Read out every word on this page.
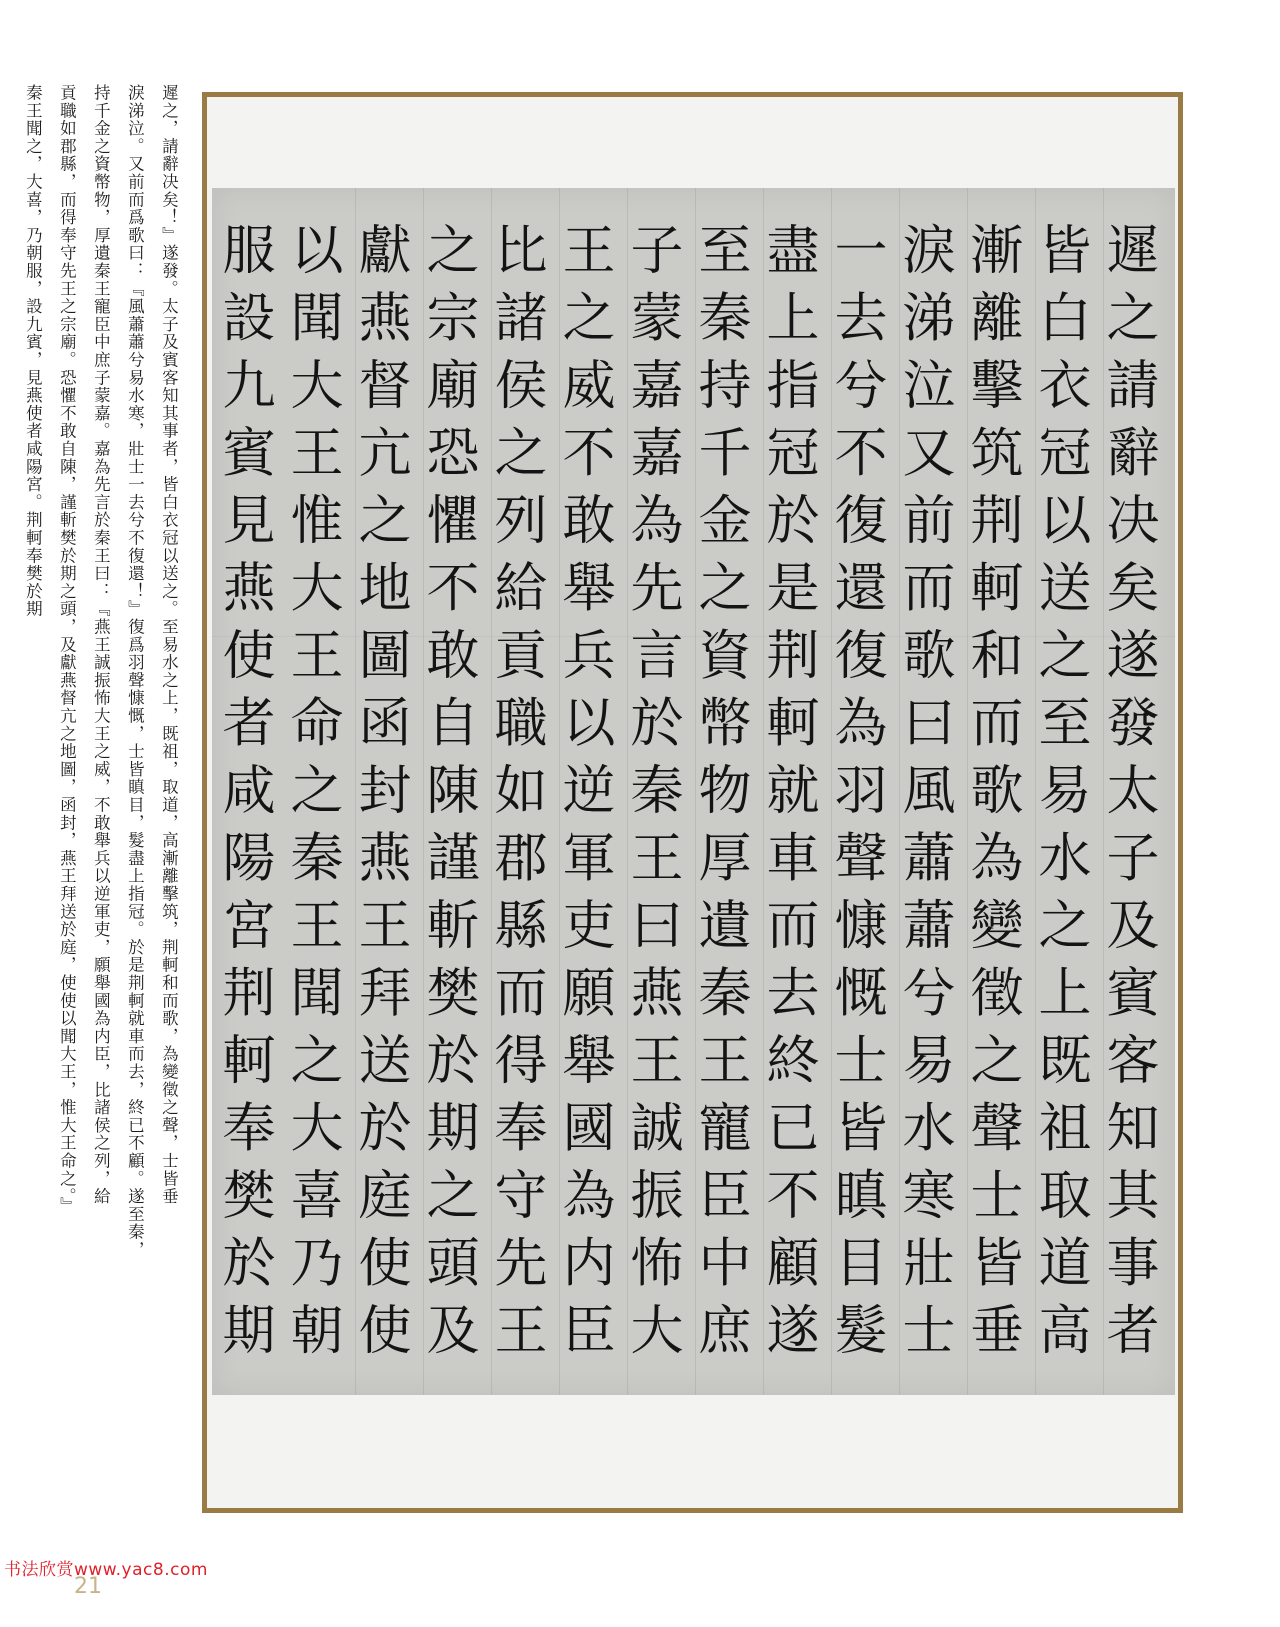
遲之，請辭决矣！』遂發。太子及賓客知其事者，皆白衣冠以送之。至易水之上，既祖，取道，高漸離擊筑，荆軻和而歌，為變徵之聲，士皆垂
淚涕泣。又前而爲歌曰：『風蕭蕭兮易水寒，壯士一去兮不復還！』復爲羽聲慷慨，士皆瞋目，髮盡上指冠。於是荆軻就車而去，終已不顧。遂至秦，
持千金之資幣物，厚遺秦王寵臣中庶子蒙嘉。嘉為先言於秦王曰：『燕王誠振怖大王之威，不敢舉兵以逆軍吏，願舉國為内臣，比諸侯之列，給
貢職如郡縣，而得奉守先王之宗廟。恐懼不敢自陳，謹斬樊於期之頭，及獻燕督亢之地圖，函封，燕王拜送於庭，使使以聞大王，惟大王命之。』
秦王聞之，大喜，乃朝服，設九賓，見燕使者咸陽宮。荆軻奉樊於期	遲之請辭决矣遂發太子及賓客知其事者
皆白衣冠以送之至易水之上既祖取道高
漸離擊筑荆軻和而歌為變徵之聲士皆垂
淚涕泣又前而歌曰風蕭蕭兮易水寒壯士
一去兮不復還復為羽聲慷慨士皆瞋目髮
盡上指冠於是荆軻就車而去終已不顧遂
至秦持千金之資幣物厚遺秦王寵臣中庶
子蒙嘉嘉為先言於秦王曰燕王誠振怖大
王之威不敢舉兵以逆軍吏願舉國為内臣
比諸侯之列給貢職如郡縣而得奉守先王
之宗廟恐懼不敢自陳謹斬樊於期之頭及
獻燕督亢之地圖函封燕王拜送於庭使使
以聞大王惟大王命之秦王聞之大喜乃朝
服設九賓見燕使者咸陽宮荆軻奉樊於期
书法欣赏www.yac8.com
21
